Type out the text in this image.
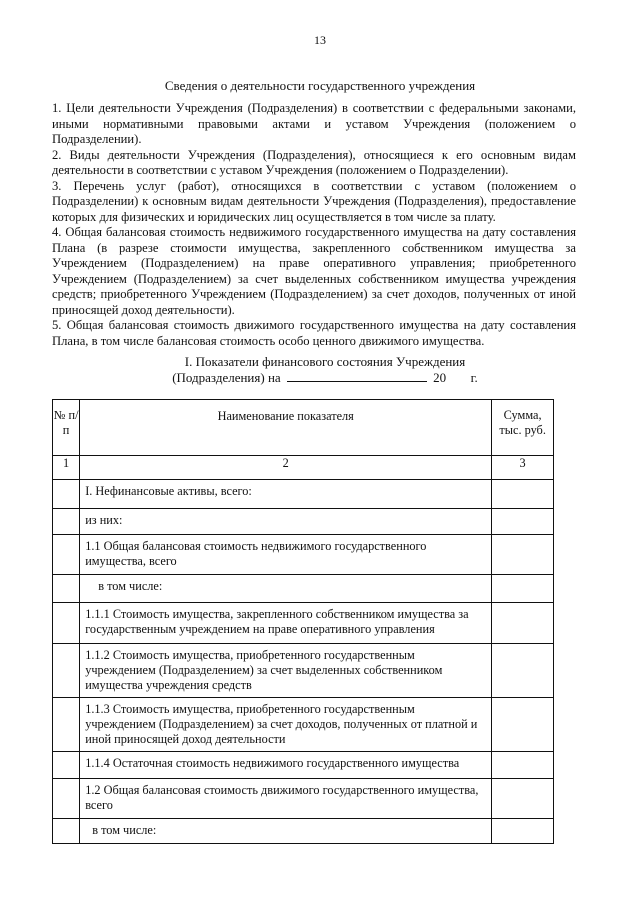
13
Сведения о деятельности государственного учреждения

1. Цели деятельности Учреждения (Подразделения) в соответствии с федеральными законами, иными нормативными правовыми актами и уставом Учреждения (положением о Подразделении).

2. Виды деятельности Учреждения (Подразделения), относящиеся к его основным видам деятельности в соответствии с уставом Учреждения (положением о Подразделении).

3. Перечень услуг (работ), относящихся в соответствии с уставом (положением о Подразделении) к основным видам деятельности Учреждения (Подразделения), предоставление которых для физических и юридических лиц осуществляется в том числе за плату.

4. Общая балансовая стоимость недвижимого государственного имущества на дату составления Плана (в разрезе стоимости имущества, закрепленного собственником имущества за Учреждением (Подразделением) на праве оперативного управления; приобретенного Учреждением (Подразделением) за счет выделенных собственником имущества учреждения средств; приобретенного Учреждением (Подразделением) за счет доходов, полученных от иной приносящей доход деятельности).

5. Общая балансовая стоимость движимого государственного имущества на дату составления Плана, в том числе балансовая стоимость особо ценного движимого имущества.

I. Показатели финансового состояния Учреждения
(Подразделения) на	20 г.
№ п/п	Наименование показателя	Сумма, тыс. руб.
1	2	3
	I. Нефинансовые активы, всего:	
	из них:	
	1.1 Общая балансовая стоимость недвижимого государственного имущества, всего	
	в том числе:	
	1.1.1 Стоимость имущества, закрепленного собственником имущества за государственным учреждением на праве оперативного управления	
	1.1.2 Стоимость имущества, приобретенного государственным учреждением (Подразделением) за счет выделенных собственником имущества учреждения средств	
	1.1.3 Стоимость имущества, приобретенного государственным учреждением (Подразделением) за счет доходов, полученных от платной и иной приносящей доход деятельности	
	1.1.4 Остаточная стоимость недвижимого государственного имущества	
	1.2 Общая балансовая стоимость движимого государственного имущества, всего	
	в том числе:	
